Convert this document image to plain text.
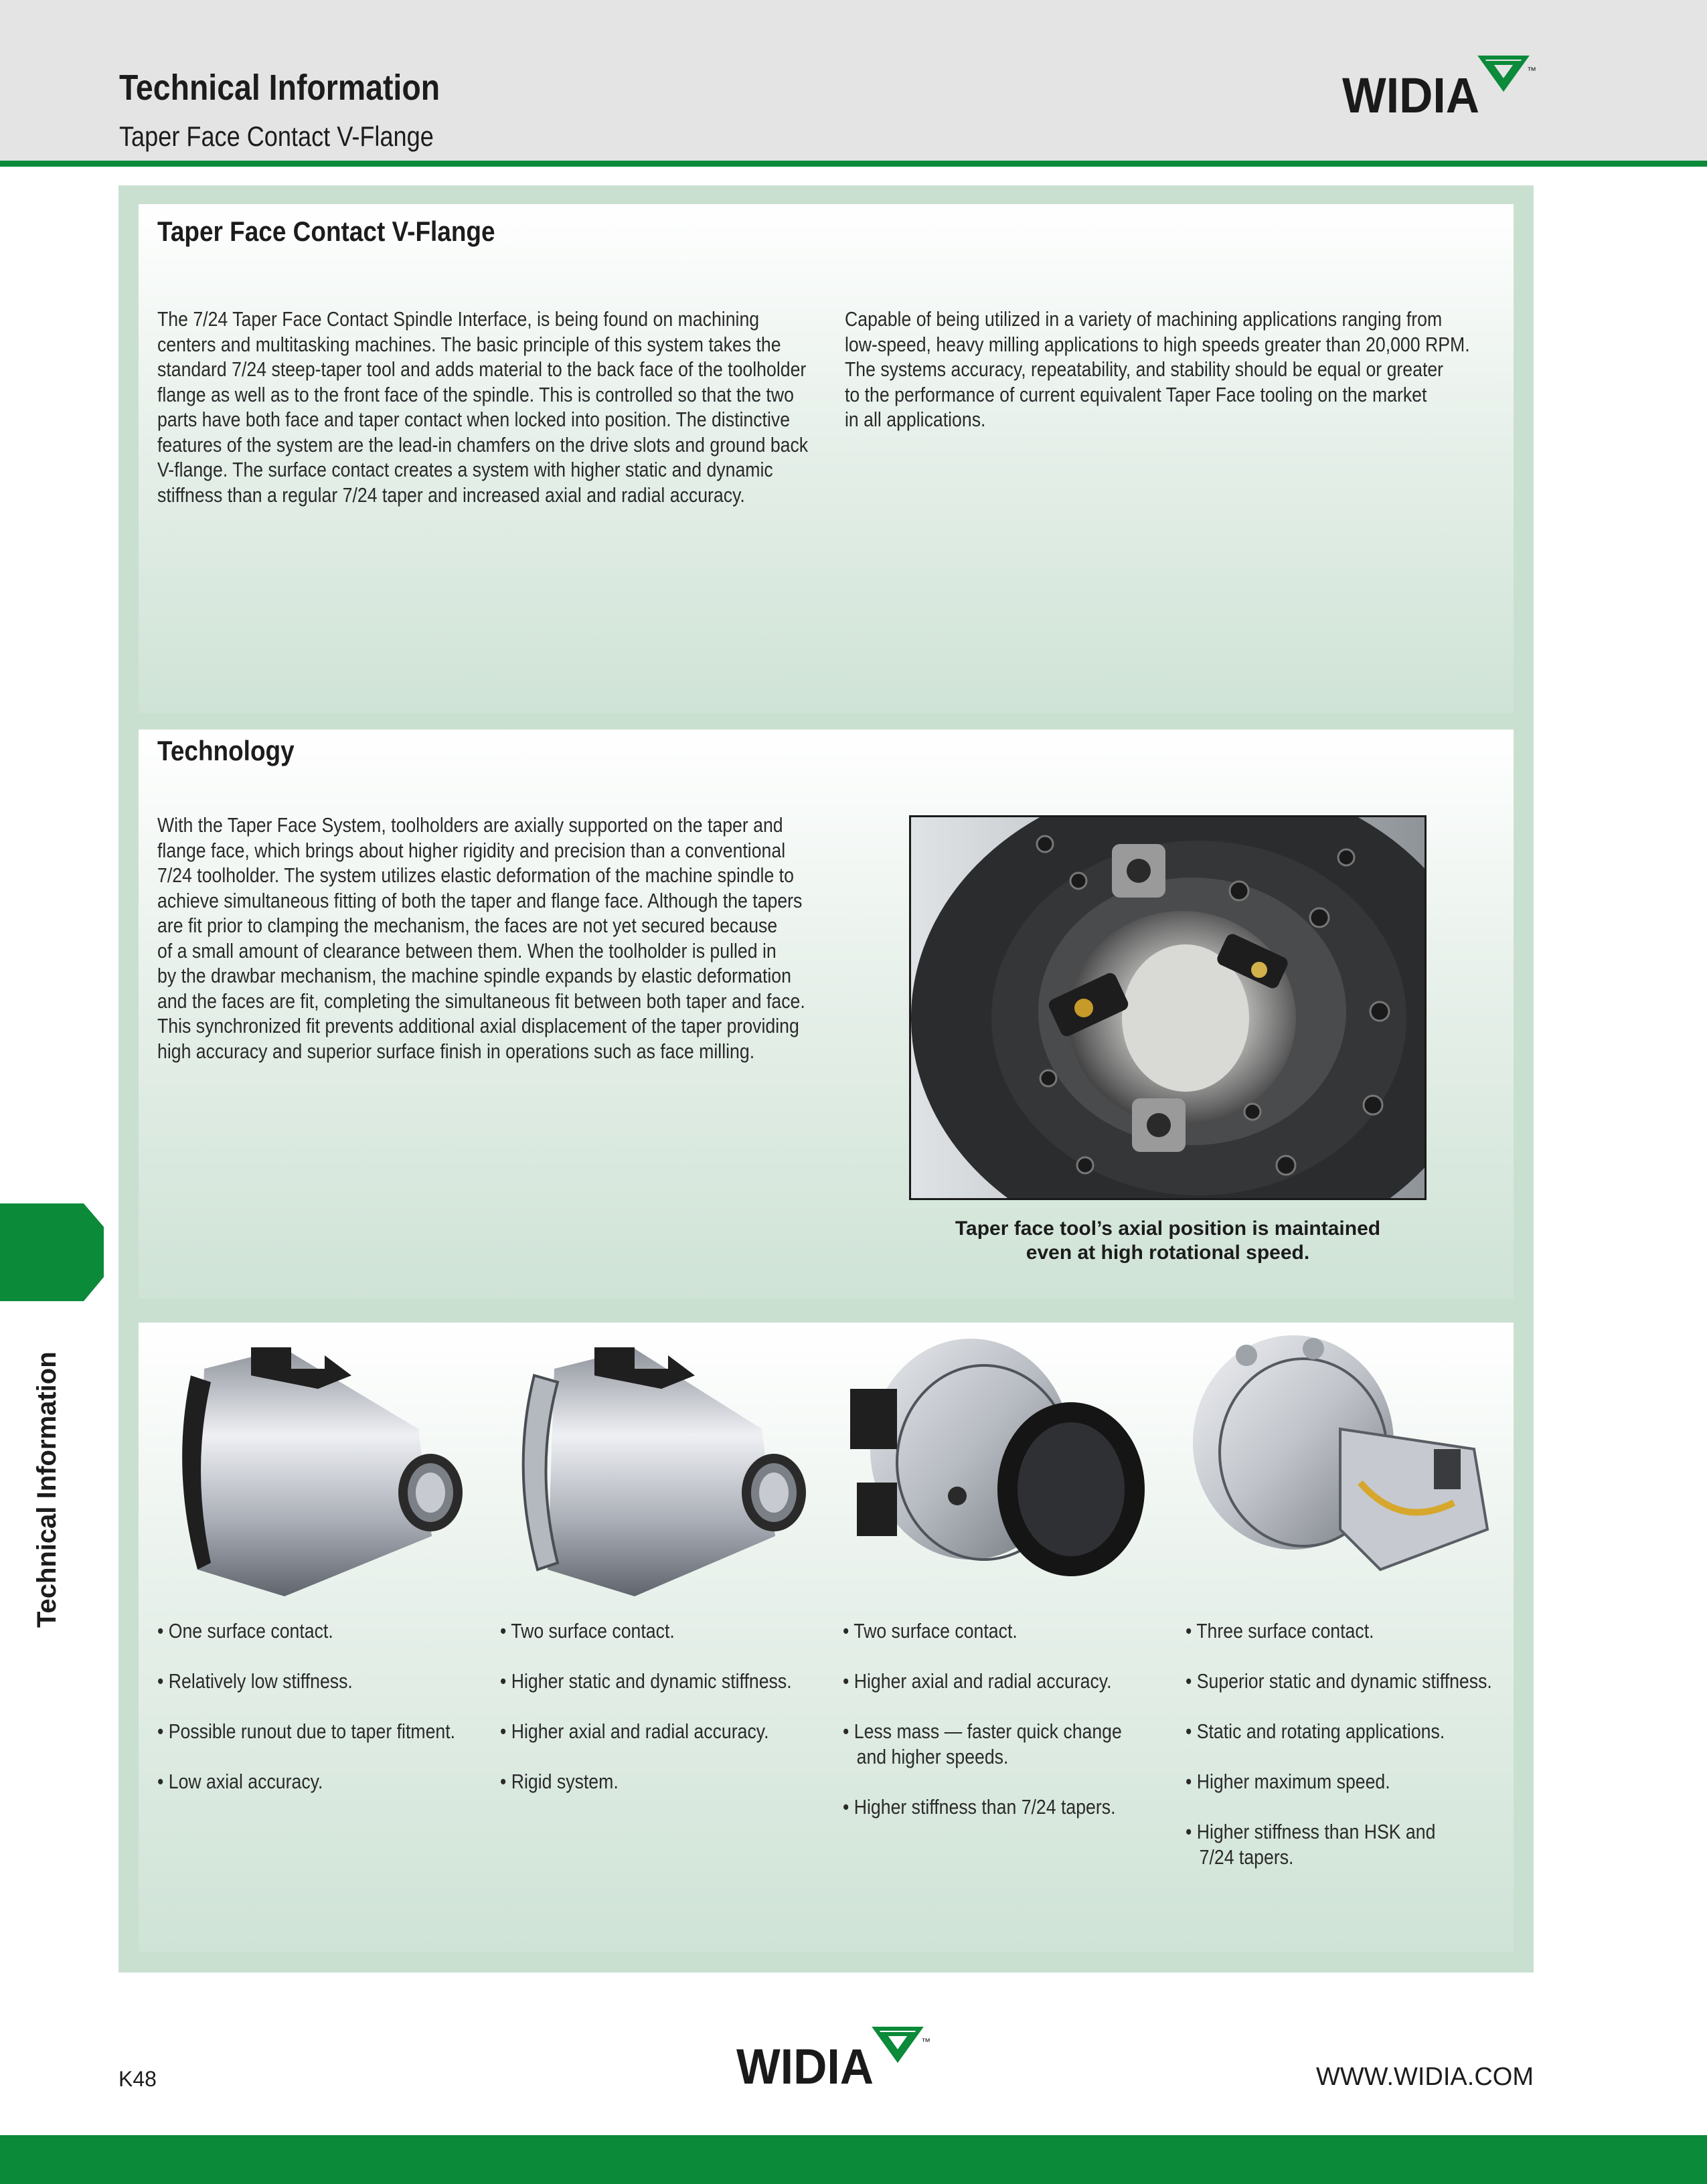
Technical Information
Taper Face Contact V-Flange
WIDIA	™
Taper Face Contact V-Flange
The 7/24 Taper Face Contact Spindle Interface, is being found on machining
centers and multitasking machines. The basic principle of this system takes the
standard 7/24 steep-taper tool and adds material to the back face of the toolholder
flange as well as to the front face of the spindle. This is controlled so that the two
parts have both face and taper contact when locked into position. The distinctive
features of the system are the lead-in chamfers on the drive slots and ground back
V-flange. The surface contact creates a system with higher static and dynamic
stiffness than a regular 7/24 taper and increased axial and radial accuracy.
Capable of being utilized in a variety of machining applications ranging from
low-speed, heavy milling applications to high speeds greater than 20,000 RPM.
The systems accuracy, repeatability, and stability should be equal or greater
to the performance of current equivalent Taper Face tooling on the market
in all applications.
Technology
With the Taper Face System, toolholders are axially supported on the taper and
flange face, which brings about higher rigidity and precision than a conventional
7/24 toolholder. The system utilizes elastic deformation of the machine spindle to
achieve simultaneous fitting of both the taper and flange face. Although the tapers
are fit prior to clamping the mechanism, the faces are not yet secured because
of a small amount of clearance between them. When the toolholder is pulled in
by the drawbar mechanism, the machine spindle expands by elastic deformation
and the faces are fit, completing the simultaneous fit between both taper and face.
This synchronized fit prevents additional axial displacement of the taper providing
high accuracy and superior surface finish in operations such as face milling.
Taper face tool’s axial position is maintained
even at high rotational speed.
• One surface contact.
• Relatively low stiffness.
• Possible runout due to taper fitment.
• Low axial accuracy.
• Two surface contact.
• Higher static and dynamic stiffness.
• Higher axial and radial accuracy.
• Rigid system.
• Two surface contact.
• Higher axial and radial accuracy.
• Less mass — faster quick change
and higher speeds.
• Higher stiffness than 7/24 tapers.
• Three surface contact.
• Superior static and dynamic stiffness.
• Static and rotating applications.
• Higher maximum speed.
• Higher stiffness than HSK and
7/24 tapers.
Technical Information
K48	WIDIA	™
WWW.WIDIA.COM
